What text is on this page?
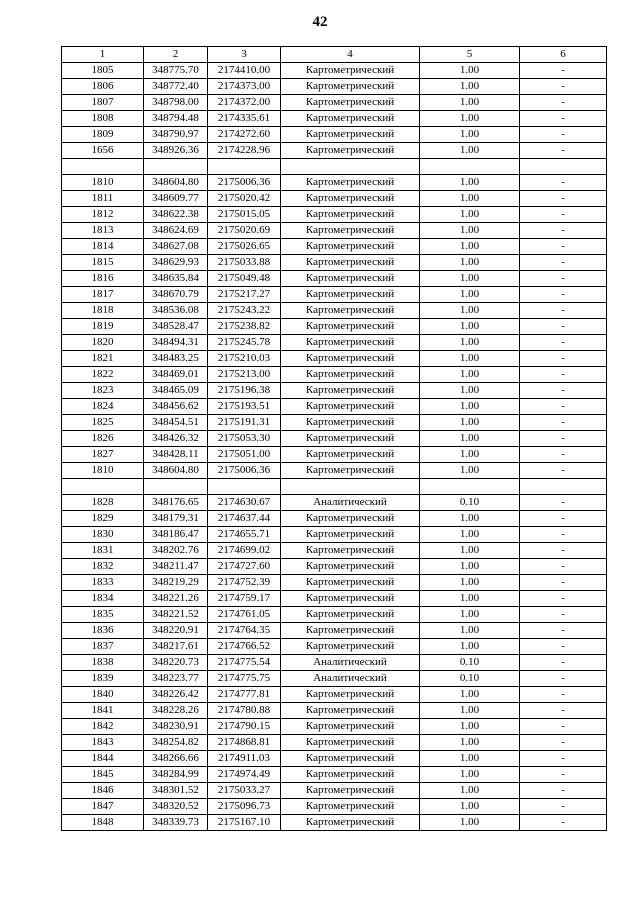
42
1	2	3	4	5	6
1805	348775.70	2174410.00	Картометрический	1.00	-
1806	348772.40	2174373.00	Картометрический	1.00	-
1807	348798.00	2174372.00	Картометрический	1.00	-
1808	348794.48	2174335.61	Картометрический	1.00	-
1809	348790.97	2174272.60	Картометрический	1.00	-
1656	348926.36	2174228.96	Картометрический	1.00	-

1810	348604.80	2175006.36	Картометрический	1.00	-
1811	348609.77	2175020.42	Картометрический	1.00	-
1812	348622.38	2175015.05	Картометрический	1.00	-
1813	348624.69	2175020.69	Картометрический	1.00	-
1814	348627.08	2175026.65	Картометрический	1.00	-
1815	348629.93	2175033.88	Картометрический	1.00	-
1816	348635.84	2175049.48	Картометрический	1.00	-
1817	348670.79	2175217.27	Картометрический	1.00	-
1818	348536.08	2175243.22	Картометрический	1.00	-
1819	348528.47	2175238.82	Картометрический	1.00	-
1820	348494.31	2175245.78	Картометрический	1.00	-
1821	348483.25	2175210.03	Картометрический	1.00	-
1822	348469.01	2175213.00	Картометрический	1.00	-
1823	348465.09	2175196.38	Картометрический	1.00	-
1824	348456.62	2175193.51	Картометрический	1.00	-
1825	348454.51	2175191.31	Картометрический	1.00	-
1826	348426.32	2175053.30	Картометрический	1.00	-
1827	348428.11	2175051.00	Картометрический	1.00	-
1810	348604.80	2175006.36	Картометрический	1.00	-

1828	348176.65	2174630.67	Аналитический	0.10	-
1829	348179.31	2174637.44	Картометрический	1.00	-
1830	348186.47	2174655.71	Картометрический	1.00	-
1831	348202.76	2174699.02	Картометрический	1.00	-
1832	348211.47	2174727.60	Картометрический	1.00	-
1833	348219.29	2174752.39	Картометрический	1.00	-
1834	348221.26	2174759.17	Картометрический	1.00	-
1835	348221.52	2174761.05	Картометрический	1.00	-
1836	348220.91	2174764.35	Картометрический	1.00	-
1837	348217.61	2174766.52	Картометрический	1.00	-
1838	348220.73	2174775.54	Аналитический	0.10	-
1839	348223.77	2174775.75	Аналитический	0.10	-
1840	348226.42	2174777.81	Картометрический	1.00	-
1841	348228.26	2174780.88	Картометрический	1.00	-
1842	348230.91	2174790.15	Картометрический	1.00	-
1843	348254.82	2174868.81	Картометрический	1.00	-
1844	348266.66	2174911.03	Картометрический	1.00	-
1845	348284.99	2174974.49	Картометрический	1.00	-
1846	348301.52	2175033.27	Картометрический	1.00	-
1847	348320.52	2175096.73	Картометрический	1.00	-
1848	348339.73	2175167.10	Картометрический	1.00	-
